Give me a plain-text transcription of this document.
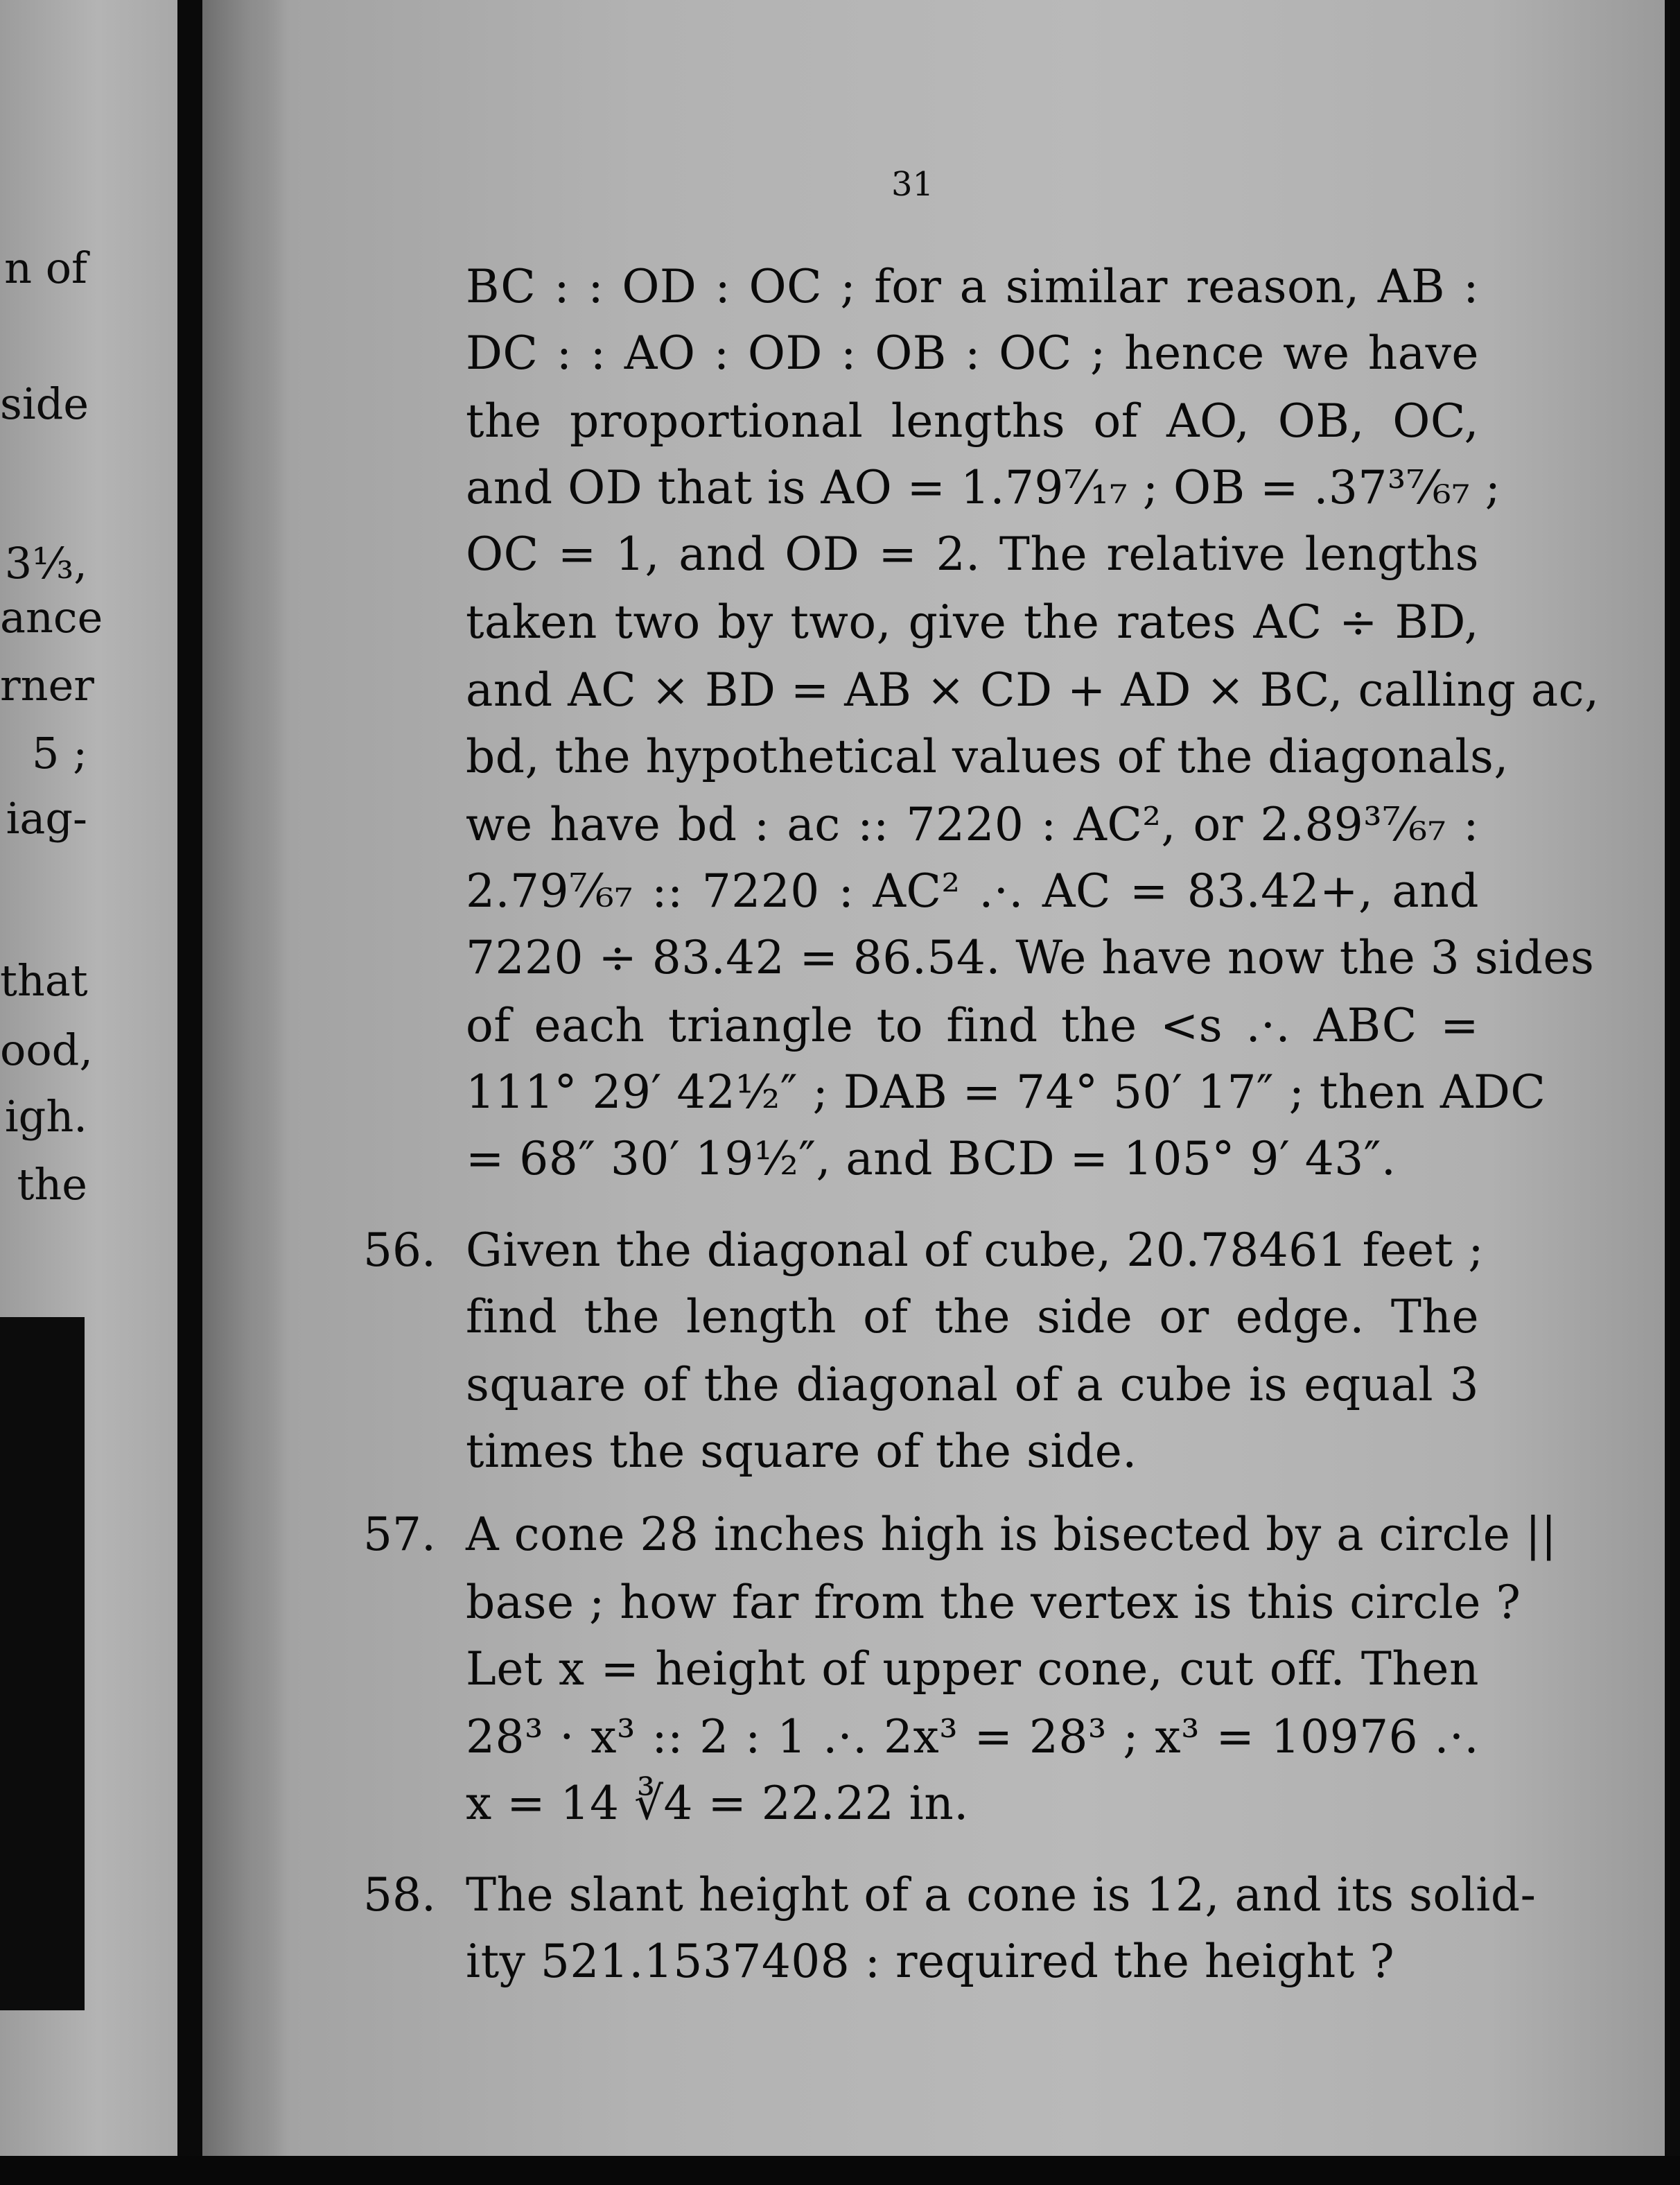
n of
side
3⅓,
ance
rner
5 ;
iag-
that
ood,
igh.
the
31
BC : : OD : OC ; for a similar reason, AB :
DC : : AO : OD : OB : OC ; hence we have
the proportional lengths of AO, OB, OC,
and OD that is AO = 1.79⁷⁄₁₇ ; OB = .37³⁷⁄₆₇ ;
OC = 1, and OD = 2. The relative lengths
taken two by two, give the rates AC ÷ BD,
and AC × BD = AB × CD + AD × BC, calling ac,
bd, the hypothetical values of the diagonals,
we have bd : ac :: 7220 : AC², or 2.89³⁷⁄₆₇ :
2.79⁷⁄₆₇ :: 7220 : AC² .·. AC = 83.42+, and
7220 ÷ 83.42 = 86.54. We have now the 3 sides
of each triangle to find the <s .·. ABC =
111° 29′ 42½″ ; DAB = 74° 50′ 17″ ; then ADC
= 68″ 30′ 19½″, and BCD = 105° 9′ 43″.
56. Given the diagonal of cube, 20.78461 feet ;
find the length of the side or edge. The
square of the diagonal of a cube is equal 3
times the square of the side.
57. A cone 28 inches high is bisected by a circle ||
base ; how far from the vertex is this circle ?
Let x = height of upper cone, cut off. Then
28³ · x³ :: 2 : 1 .·. 2x³ = 28³ ; x³ = 10976 .·.
x = 14 ∛4 = 22.22 in.
58. The slant height of a cone is 12, and its solid-
ity 521.1537408 : required the height ?
